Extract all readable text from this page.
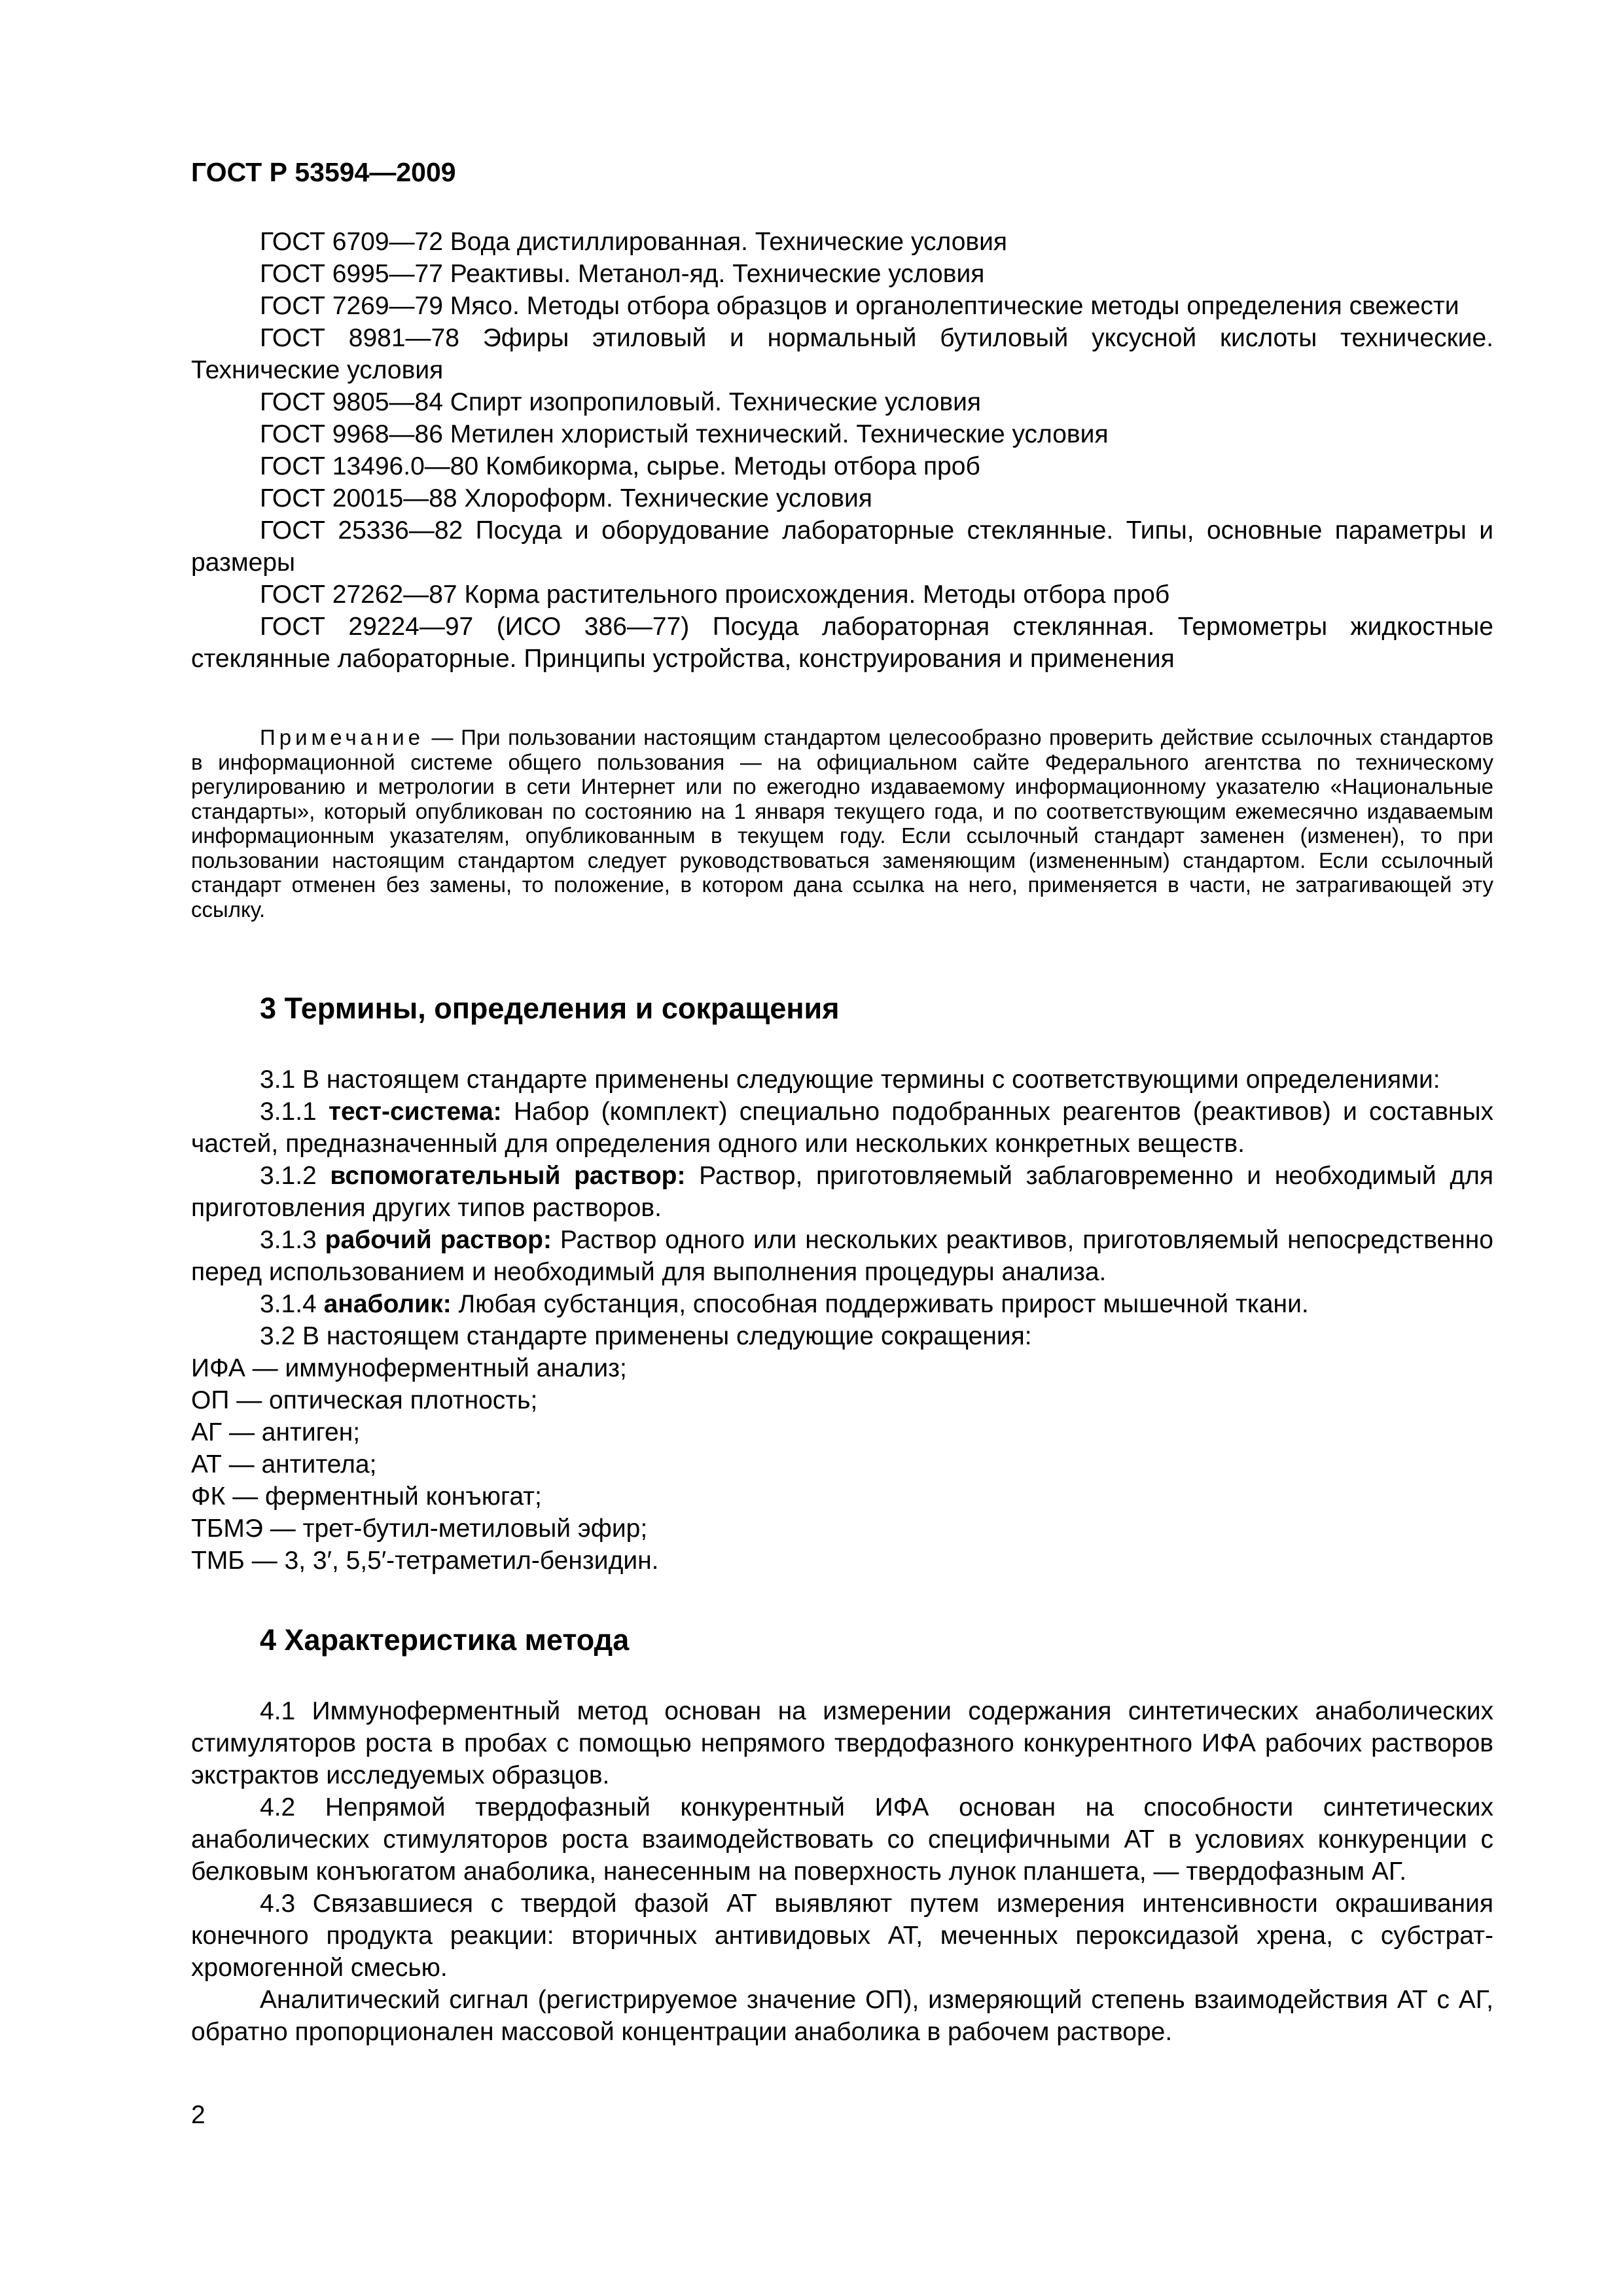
ГОСТ Р 53594—2009

ГОСТ 6709—72 Вода дистиллированная. Технические условия

ГОСТ 6995—77 Реактивы. Метанол-яд. Технические условия

ГОСТ 7269—79 Мясо. Методы отбора образцов и органолептические методы определения свежести

ГОСТ 8981—78 Эфиры этиловый и нормальный бутиловый уксусной кислоты технические. Технические условия

ГОСТ 9805—84 Спирт изопропиловый. Технические условия

ГОСТ 9968—86 Метилен хлористый технический. Технические условия

ГОСТ 13496.0—80 Комбикорма, сырье. Методы отбора проб

ГОСТ 20015—88 Хлороформ. Технические условия

ГОСТ 25336—82 Посуда и оборудование лабораторные стеклянные. Типы, основные параметры и размеры

ГОСТ 27262—87 Корма растительного происхождения. Методы отбора проб

ГОСТ 29224—97 (ИСО 386—77) Посуда лабораторная стеклянная. Термометры жидкостные стеклянные лабораторные. Принципы устройства, конструирования и применения

Примечание — При пользовании настоящим стандартом целесообразно проверить действие ссылочных стандартов в информационной системе общего пользования — на официальном сайте Федерального агентства по техническому регулированию и метрологии в сети Интернет или по ежегодно издаваемому информационному указателю «Национальные стандарты», который опубликован по состоянию на 1 января текущего года, и по соответствующим ежемесячно издаваемым информационным указателям, опубликованным в текущем году. Если ссылочный стандарт заменен (изменен), то при пользовании настоящим стандартом следует руководствоваться заменяющим (измененным) стандартом. Если ссылочный стандарт отменен без замены, то положение, в котором дана ссылка на него, применяется в части, не затрагивающей эту ссылку.

3 Термины, определения и сокращения

3.1 В настоящем стандарте применены следующие термины с соответствующими определениями:

3.1.1 тест-система: Набор (комплект) специально подобранных реагентов (реактивов) и составных частей, предназначенный для определения одного или нескольких конкретных веществ.

3.1.2 вспомогательный раствор: Раствор, приготовляемый заблаговременно и необходимый для приготовления других типов растворов.

3.1.3 рабочий раствор: Раствор одного или нескольких реактивов, приготовляемый непосредственно перед использованием и необходимый для выполнения процедуры анализа.

3.1.4 анаболик: Любая субстанция, способная поддерживать прирост мышечной ткани.

3.2 В настоящем стандарте применены следующие сокращения:

ИФА — иммуноферментный анализ;

ОП — оптическая плотность;

АГ — антиген;

АТ — антитела;

ФК — ферментный конъюгат;

ТБМЭ — трет-бутил-метиловый эфир;

ТМБ — 3, 3′, 5,5′-тетраметил-бензидин.

4 Характеристика метода

4.1 Иммуноферментный метод основан на измерении содержания синтетических анаболических стимуляторов роста в пробах с помощью непрямого твердофазного конкурентного ИФА рабочих растворов экстрактов исследуемых образцов.

4.2 Непрямой твердофазный конкурентный ИФА основан на способности синтетических анаболических стимуляторов роста взаимодействовать со специфичными АТ в условиях конкуренции с белковым конъюгатом анаболика, нанесенным на поверхность лунок планшета, — твердофазным АГ.

4.3 Связавшиеся с твердой фазой АТ выявляют путем измерения интенсивности окрашивания конечного продукта реакции: вторичных антивидовых АТ, меченных пероксидазой хрена, с субстрат-хромогенной смесью.

Аналитический сигнал (регистрируемое значение ОП), измеряющий степень взаимодействия АТ с АГ, обратно пропорционален массовой концентрации анаболика в рабочем растворе.

2
